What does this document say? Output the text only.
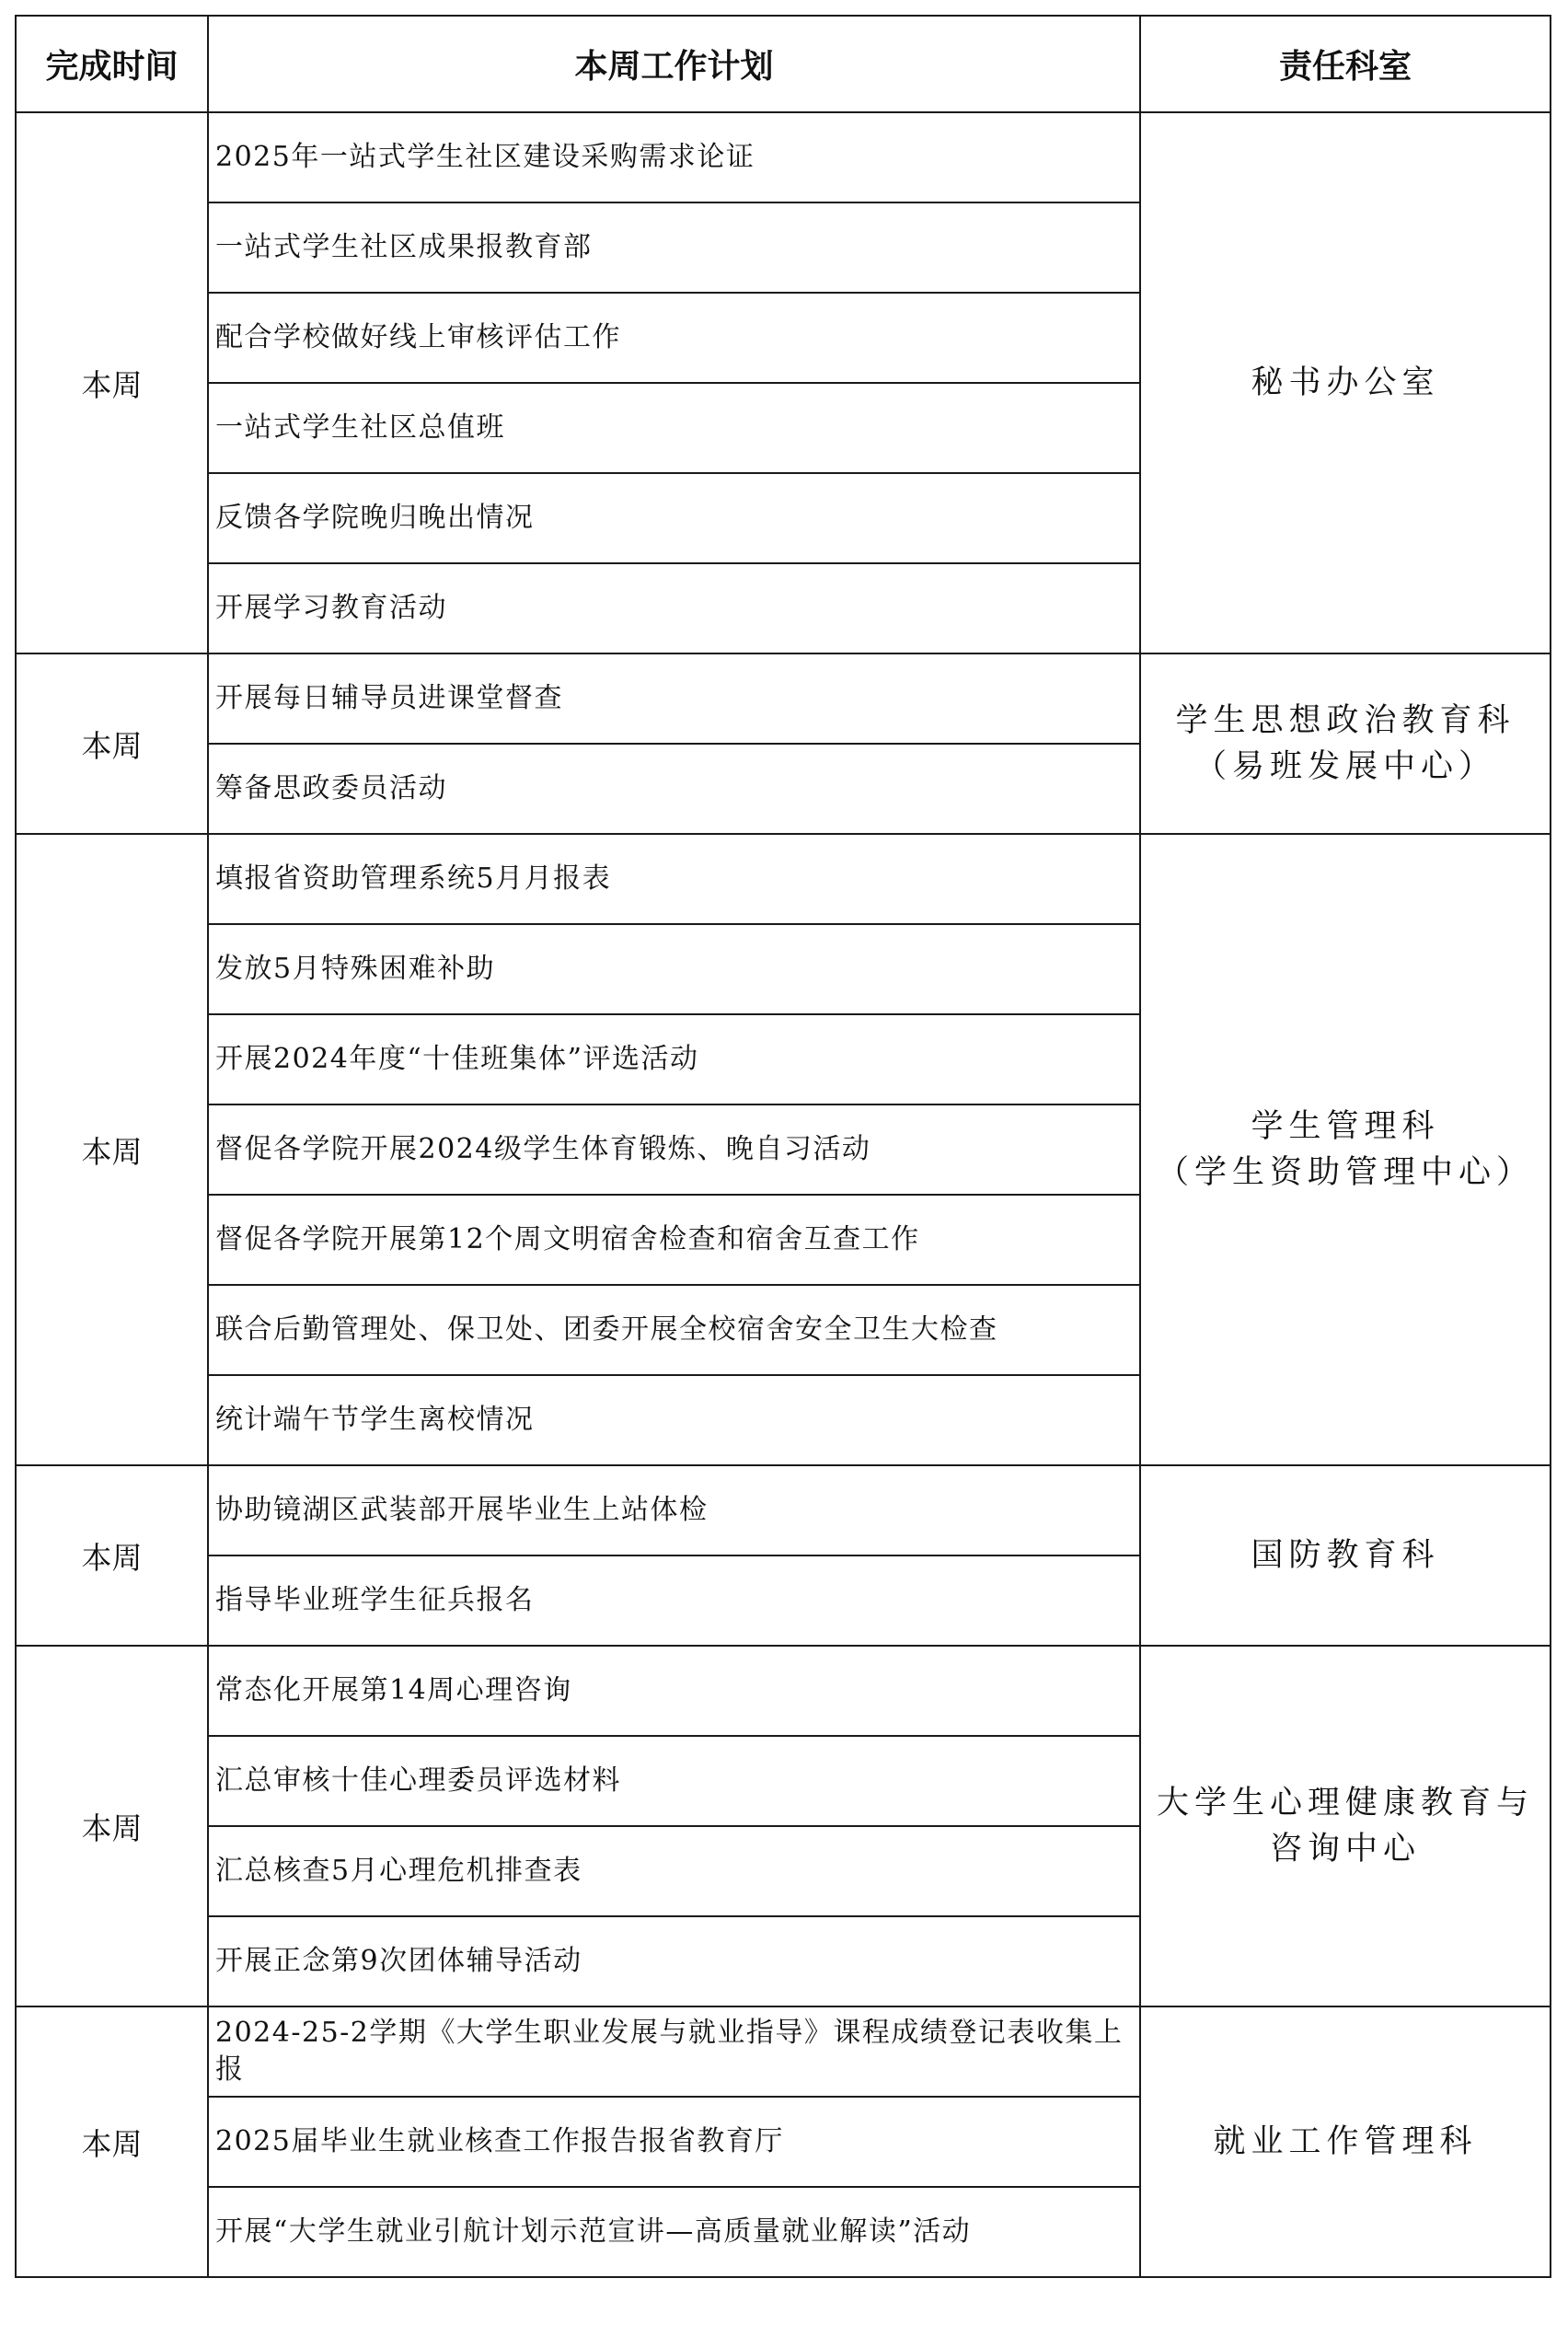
完成时间	本周工作计划	责任科室
本周	2025年一站式学生社区建设采购需求论证	秘书办公室

	一站式学生社区成果报教育部	
	配合学校做好线上审核评估工作	
	一站式学生社区总值班	
	反馈各学院晚归晚出情况	
	开展学习教育活动	
本周	开展每日辅导员进课堂督查	学生思想政治教育科
（易班发展中心）

	筹备思政委员活动	
本周	填报省资助管理系统5月月报表	学生管理科
（学生资助管理中心）

	发放5月特殊困难补助	
	开展2024年度“十佳班集体”评选活动	
	督促各学院开展2024级学生体育锻炼、晚自习活动	
	督促各学院开展第12个周文明宿舍检查和宿舍互查工作	
	联合后勤管理处、保卫处、团委开展全校宿舍安全卫生大检查	
	统计端午节学生离校情况	
本周	协助镜湖区武装部开展毕业生上站体检	国防教育科

	指导毕业班学生征兵报名	
本周	常态化开展第14周心理咨询	大学生心理健康教育与
咨询中心

	汇总审核十佳心理委员评选材料	
	汇总核查5月心理危机排查表	
	开展正念第9次团体辅导活动	
本周	2024-25-2学期《大学生职业发展与就业指导》课程成绩登记表收集上报	就业工作管理科

	2025届毕业生就业核查工作报告报省教育厅	
	开展“大学生就业引航计划示范宣讲—高质量就业解读”活动	
